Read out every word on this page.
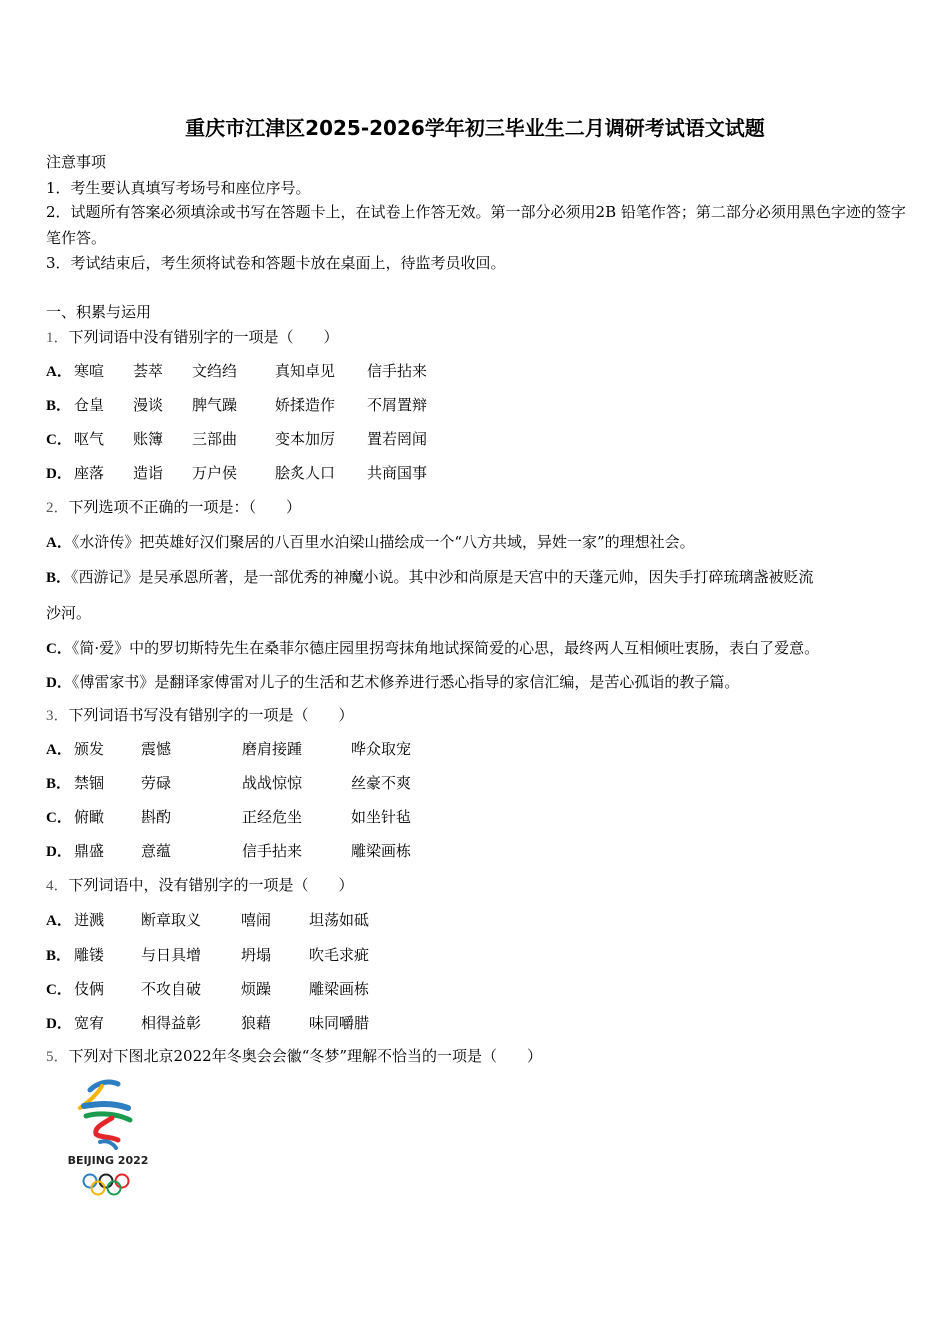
重庆市江津区2025-2026学年初三毕业生二月调研考试语文试题
注意事项
1．考生要认真填写考场号和座位序号。
2．试题所有答案必须填涂或书写在答题卡上，在试卷上作答无效。第一部分必须用2B 铅笔作答；第二部分必须用黑色字迹的签字笔作答。
3．考试结束后，考生须将试卷和答题卡放在桌面上，待监考员收回。
一、积累与运用
1．下列词语中没有错别字的一项是（　　）
A． 寒喧 荟萃 文绉绉	真知卓见 信手拈来
B． 仓皇 漫谈 脾气躁	娇揉造作 不屑置辩
C． 呕气 账簿 三部曲	变本加厉 置若罔闻
D． 座落 造诣 万户侯	脍炙人口 共商国事
2．下列选项不正确的一项是：（　　）
A．《水浒传》把英雄好汉们聚居的八百里水泊梁山描绘成一个“八方共域，异姓一家”的理想社会。
B．《西游记》是吴承恩所著，是一部优秀的神魔小说。其中沙和尚原是天宫中的天蓬元帅，因失手打碎琉璃盏被贬流
沙河。
C．《简·爱》中的罗切斯特先生在桑菲尔德庄园里拐弯抹角地试探简爱的心思，最终两人互相倾吐衷肠，表白了爱意。
D．《傅雷家书》是翻译家傅雷对儿子的生活和艺术修养进行悉心指导的家信汇编，是苦心孤诣的教子篇。
3．下列词语书写没有错别字的一项是（　　）
A． 颁发 震憾	磨肩接踵	哗众取宠
B． 禁锢 劳碌	战战惊惊	丝豪不爽
C． 俯瞰 斟酌	正经危坐	如坐针毡
D． 鼎盛 意蕴	信手拈来	雕梁画栋
4．下列词语中，没有错别字的一项是（　　）
A． 迸溅 断章取义	嘻闹	坦荡如砥
B． 雕镂 与日具增	坍塌	吹毛求疵
C． 伎俩 不攻自破	烦躁	雕梁画栋
D． 宽宥 相得益彰	狼藉	味同嚼腊
5．下列对下图北京2022年冬奥会会徽“冬梦”理解不恰当的一项是（　　）
BEIJING 2022
